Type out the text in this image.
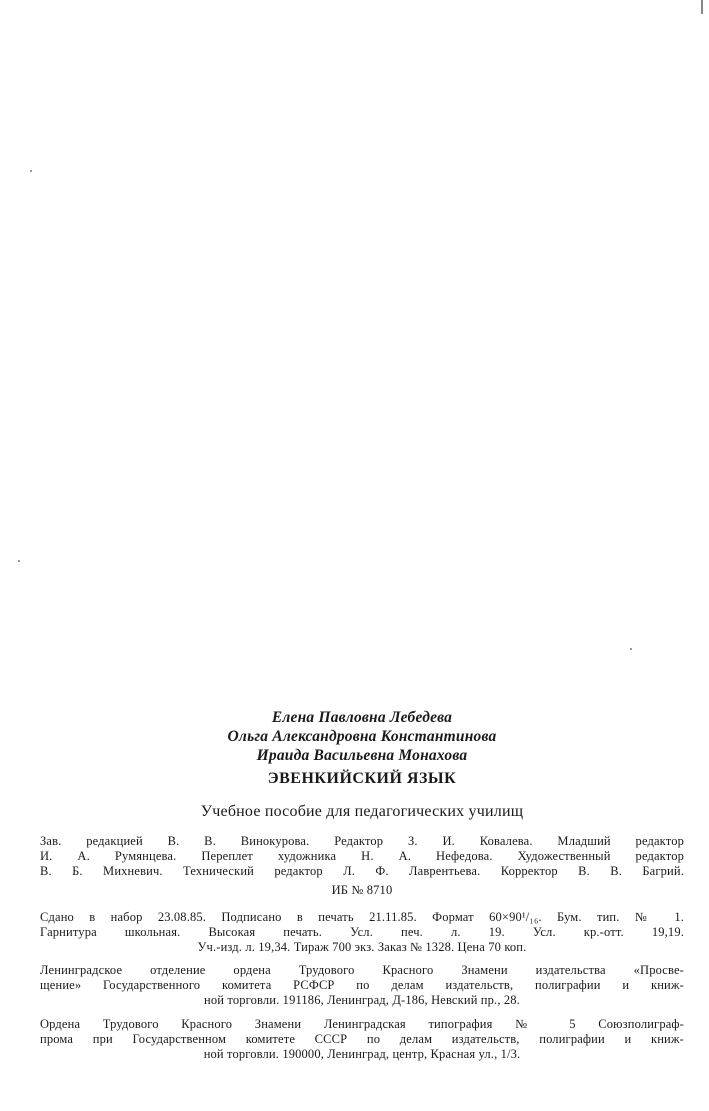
Елена Павловна Лебедева
Ольга Александровна Константинова
Ираида Васильевна Монахова
ЭВЕНКИЙСКИЙ ЯЗЫК
Учебное пособие для педагогических училищ
Зав. редакцией В. В. Винокурова. Редактор З. И. Ковалева. Младший редактор
И. А. Румянцева. Переплет художника Н. А. Нефедова. Художественный редактор
В. Б. Михневич. Технический редактор Л. Ф. Лаврентьева. Корректор В. В. Багрий.
ИБ № 8710
Сдано в набор 23.08.85. Подписано в печать 21.11.85. Формат 60×90¹/₁₆. Бум. тип. № 1.
Гарнитура школьная. Высокая печать. Усл. печ. л. 19. Усл. кр.-отт. 19,19.
Уч.-изд. л. 19,34. Тираж 700 экз. Заказ № 1328. Цена 70 коп.
Ленинградское отделение ордена Трудового Красного Знамени издательства «Просве-
щение» Государственного комитета РСФСР по делам издательств, полиграфии и книж-
ной торговли. 191186, Ленинград, Д-186, Невский пр., 28.
Ордена Трудового Красного Знамени Ленинградская типография № 5 Союзполиграф-
прома при Государственном комитете СССР по делам издательств, полиграфии и книж-
ной торговли. 190000, Ленинград, центр, Красная ул., 1/3.
